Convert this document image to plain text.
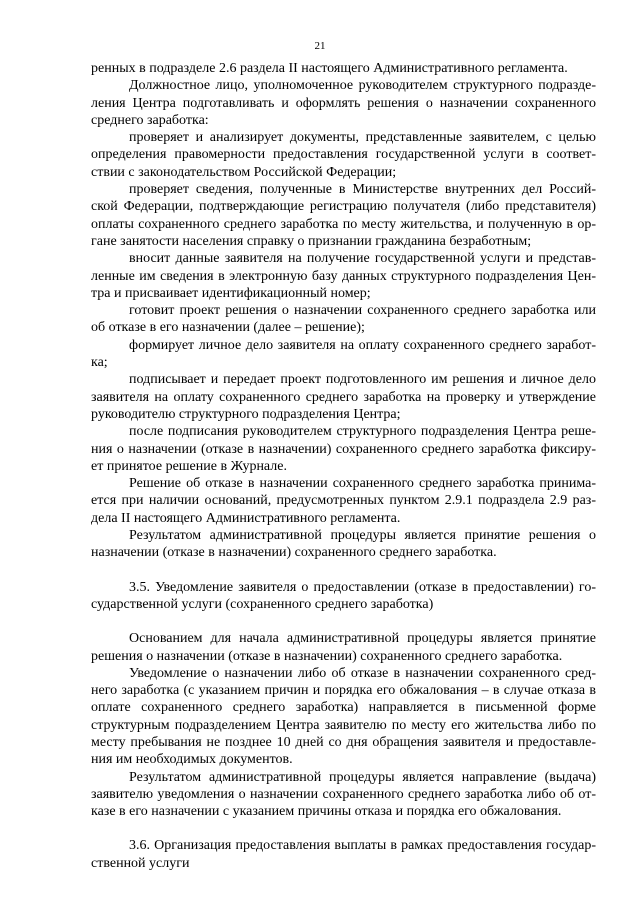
21
ренных в подразделе 2.6 раздела II настоящего Административного регламента.
Должностное лицо, уполномоченное руководителем структурного подразде-
ления Центра подготавливать и оформлять решения о назначении сохраненного
среднего заработка:
проверяет и анализирует документы, представленные заявителем, с целью
определения правомерности предоставления государственной услуги в соответ-
ствии с законодательством Российской Федерации;
проверяет сведения, полученные в Министерстве внутренних дел Россий-
ской Федерации, подтверждающие регистрацию получателя (либо представителя)
оплаты сохраненного среднего заработка по месту жительства, и полученную в ор-
гане занятости населения справку о признании гражданина безработным;
вносит данные заявителя на получение государственной услуги и представ-
ленные им сведения в электронную базу данных структурного подразделения Цен-
тра и присваивает идентификационный номер;
готовит проект решения о назначении сохраненного среднего заработка или
об отказе в его назначении (далее – решение);
формирует личное дело заявителя на оплату сохраненного среднего заработ-
ка;
подписывает и передает проект подготовленного им решения и личное дело
заявителя на оплату сохраненного среднего заработка на проверку и утверждение
руководителю структурного подразделения Центра;
после подписания руководителем структурного подразделения Центра реше-
ния о назначении (отказе в назначении) сохраненного среднего заработка фиксиру-
ет принятое решение в Журнале.
Решение об отказе в назначении сохраненного среднего заработка принима-
ется при наличии оснований, предусмотренных пунктом 2.9.1 подраздела 2.9 раз-
дела II настоящего Административного регламента.
Результатом административной процедуры является принятие решения о
назначении (отказе в назначении) сохраненного среднего заработка.
3.5. Уведомление заявителя о предоставлении (отказе в предоставлении) го-
сударственной услуги (сохраненного среднего заработка)
Основанием для начала административной процедуры является принятие
решения о назначении (отказе в назначении) сохраненного среднего заработка.
Уведомление о назначении либо об отказе в назначении сохраненного сред-
него заработка (с указанием причин и порядка его обжалования – в случае отказа в
оплате сохраненного среднего заработка) направляется в письменной форме
структурным подразделением Центра заявителю по месту его жительства либо по
месту пребывания не позднее 10 дней со дня обращения заявителя и предоставле-
ния им необходимых документов.
Результатом административной процедуры является направление (выдача)
заявителю уведомления о назначении сохраненного среднего заработка либо об от-
казе в его назначении с указанием причины отказа и порядка его обжалования.
3.6. Организация предоставления выплаты в рамках предоставления государ-
ственной услуги
